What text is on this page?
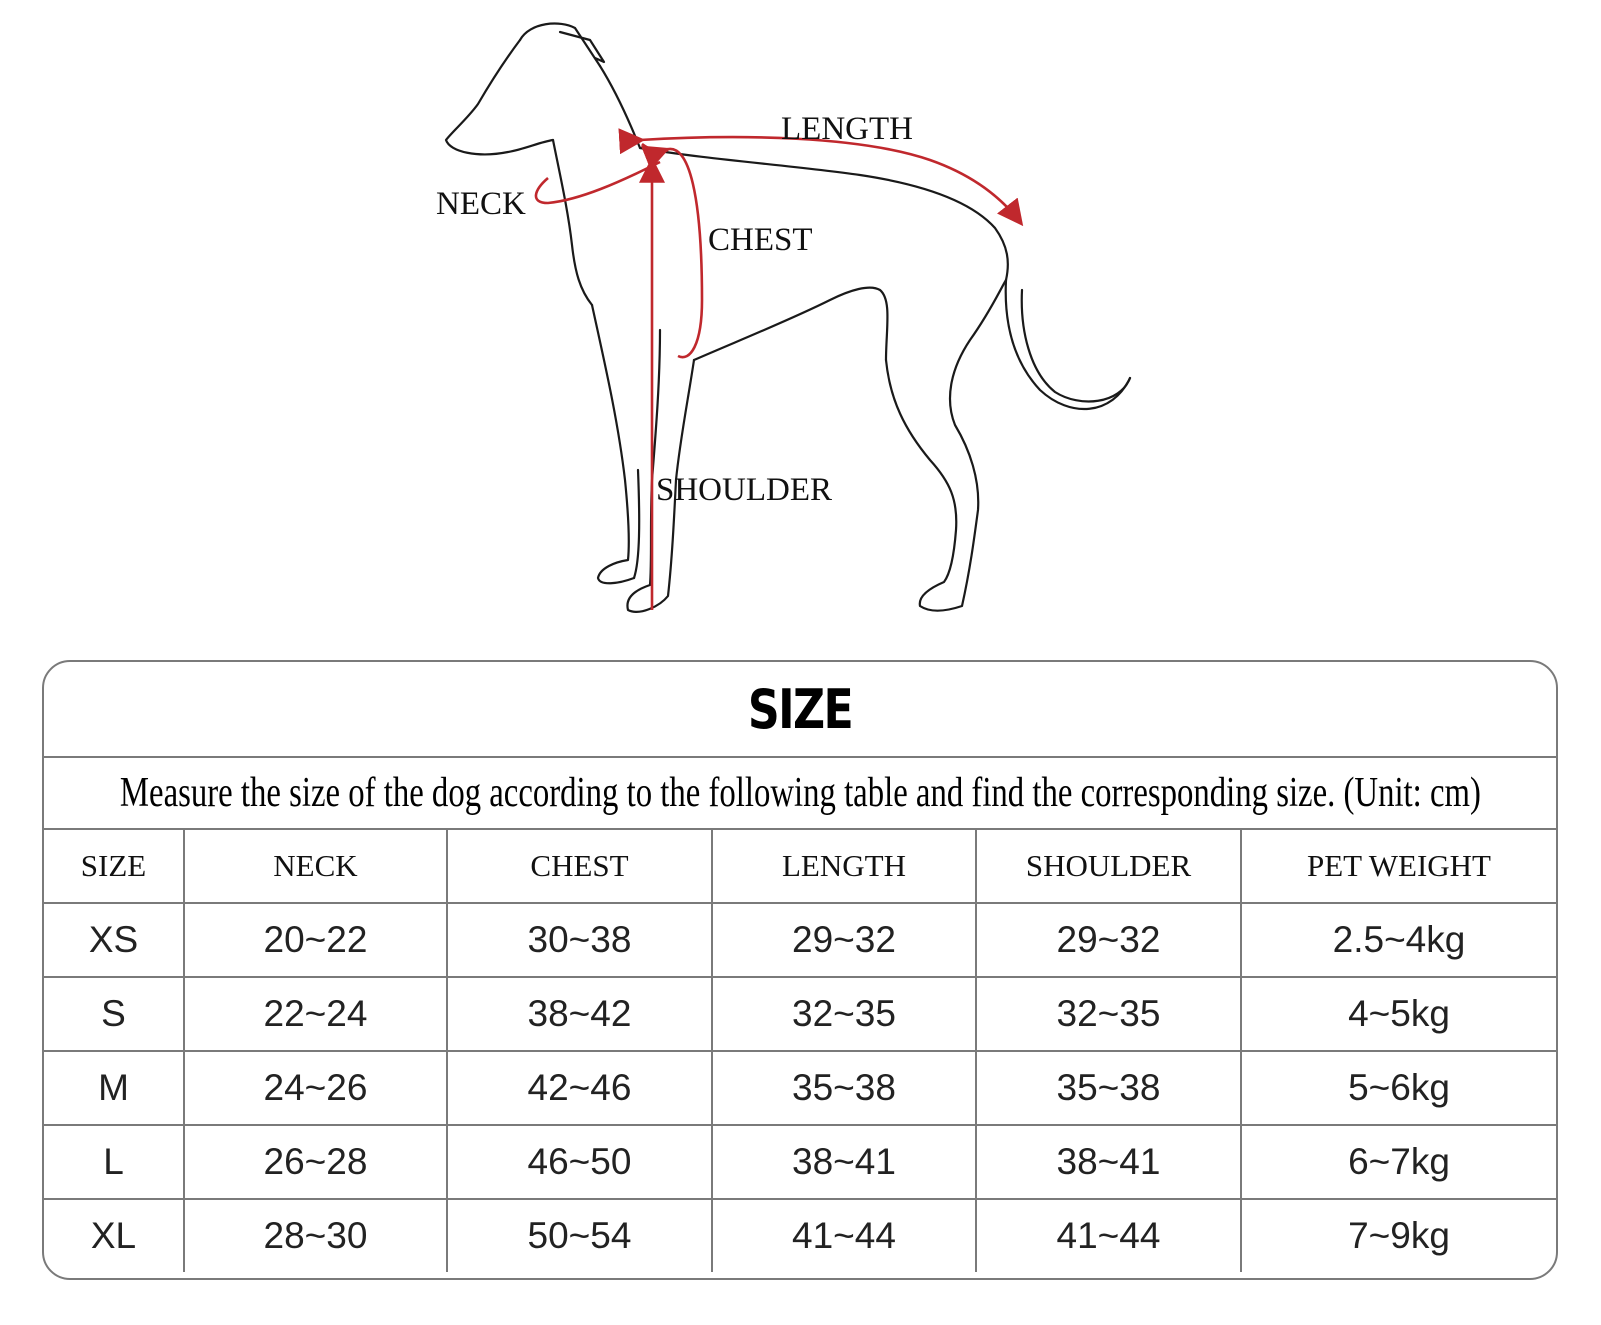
LENGTH
NECK
CHEST
SHOULDER
SIZE
Measure the size of the dog according to the following table and find the corresponding size. (Unit: cm)
SIZE	NECK	CHEST	LENGTH	SHOULDER	PET WEIGHT
XS	20~22	30~38	29~32	29~32	2.5~4kg
S	22~24	38~42	32~35	32~35	4~5kg
M	24~26	42~46	35~38	35~38	5~6kg
L	26~28	46~50	38~41	38~41	6~7kg
XL	28~30	50~54	41~44	41~44	7~9kg
